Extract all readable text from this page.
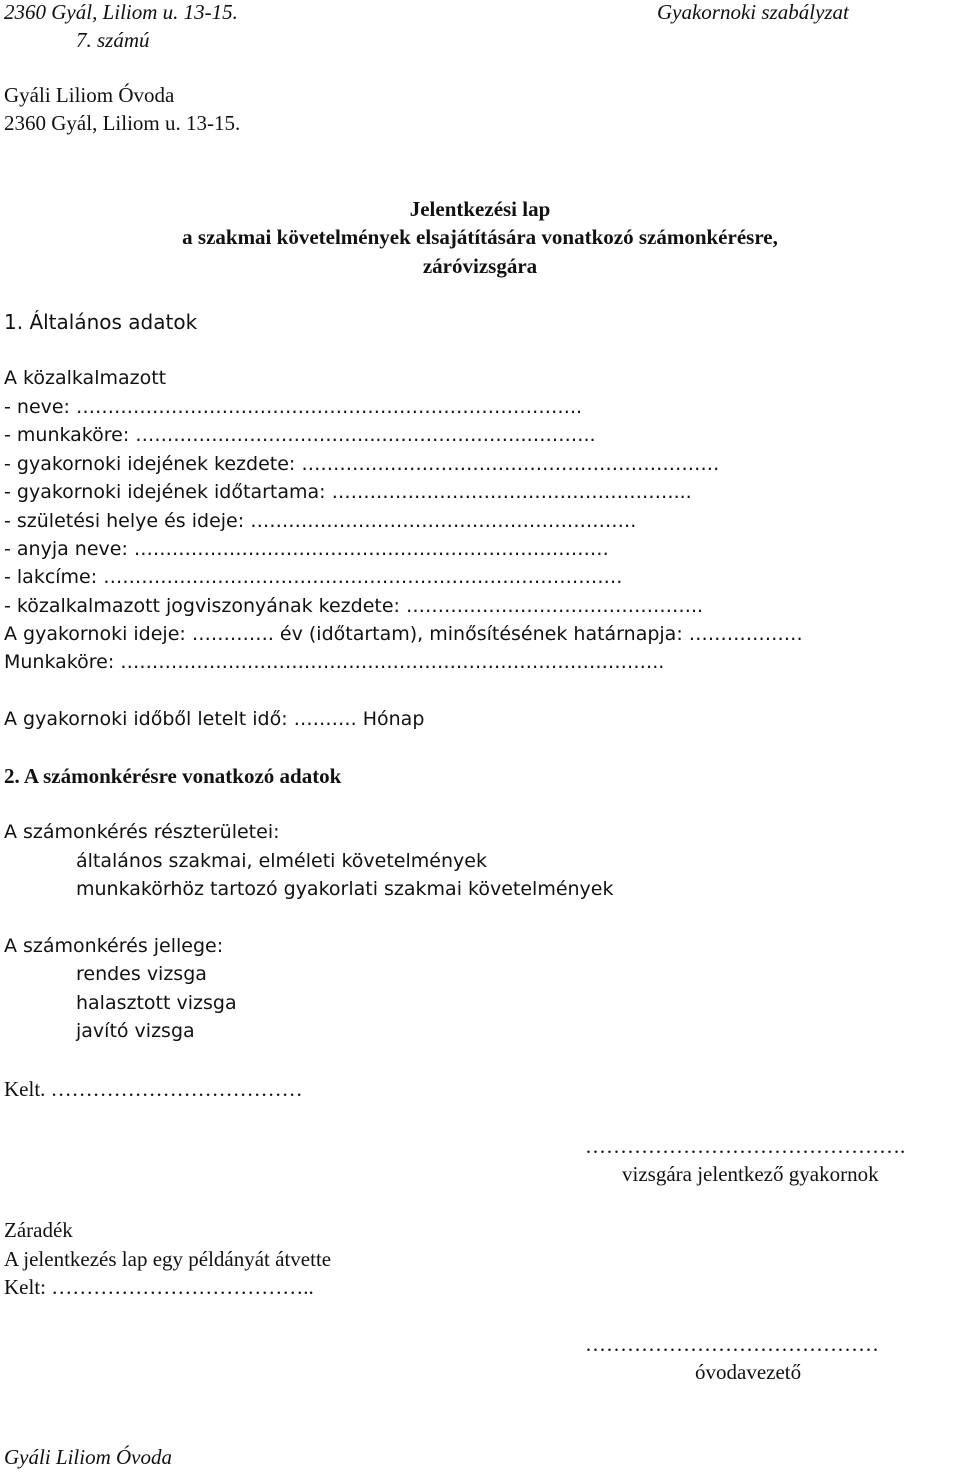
2360 Gyál, Liliom u. 13-15.	Gyakornoki szabályzat
7. számú
Gyáli Liliom Óvoda
2360 Gyál, Liliom u. 13-15.
Jelentkezési lap
a szakmai követelmények elsajátítására vonatkozó számonkérésre,
záróvizsgára
1. Általános adatok
A közalkalmazott
- neve: ……………………………………………………………………..
- munkaköre: ………………………………...…………………..………..
- gyakornoki idejének kezdete: …………………………………………………………
- gyakornoki idejének időtartama: ………………………………………………...
- születési helye és ideje: …………………………………………………….
- anyja neve: …………………………………………………………………
- lakcíme: ……………………………………………………………………….
- közalkalmazott jogviszonyának kezdete: ………………………………………..
A gyakornoki ideje: …………. év (időtartam), minősítésének határnapja: ………………
Munkaköre: …………………………………………………………………………..
A gyakornoki időből letelt idő: ………. Hónap
2. A számonkérésre vonatkozó adatok
A számonkérés részterületei:
általános szakmai, elméleti követelmények
munkakörhöz tartozó gyakorlati szakmai követelmények
A számonkérés jellege:
rendes vizsga
halasztott vizsga
javító vizsga
Kelt. ………………………………
……………………………………….
vizsgára jelentkező gyakornok
Záradék
A jelentkezés lap egy példányát átvette
Kelt: ………………………………..
……………………………………
óvodavezető
Gyáli Liliom Óvoda
